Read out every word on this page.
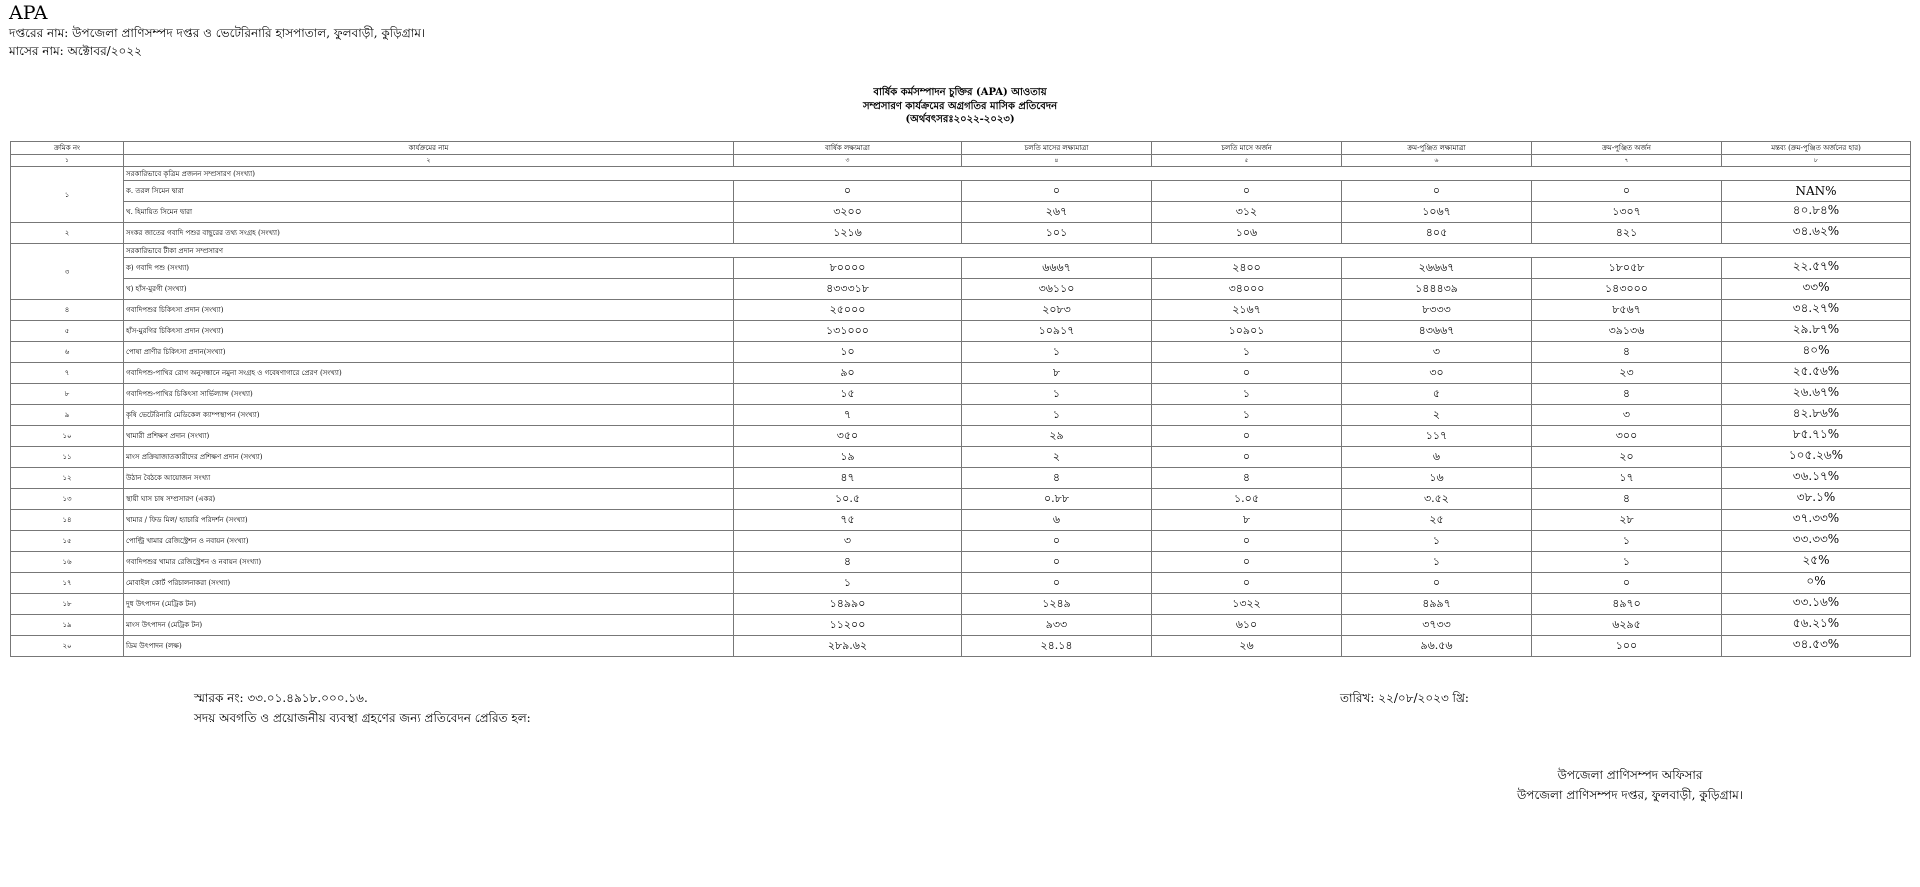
APA
দপ্তরের নাম: উপজেলা প্রাণিসম্পদ দপ্তর ও ভেটেরিনারি হাসপাতাল, ফুলবাড়ী, কুড়িগ্রাম।
মাসের নাম: অক্টোবর/২০২২
বার্ষিক কর্মসম্পাদন চুক্তির (APA) আওতায়
সম্প্রসারণ কার্যক্রমের অগ্রগতির মাসিক প্রতিবেদন
(অর্থবৎসরঃ২০২২-২০২৩)
ক্রমিক নং	কার্যক্রমের নাম	বার্ষিক লক্ষ্যমাত্রা	চলতি মাসের লক্ষ্যমাত্রা	চলতি মাসে অর্জন	ক্রম-পুঞ্জিত লক্ষ্যমাত্রা	ক্রম-পুঞ্জিত অর্জন	মন্তব্য (ক্রম-পুঞ্জিত অর্জনের হার)
১	২	৩	৪	৫	৬	৭	৮
১	সরকারিভাবে কৃত্রিম প্রজনন সম্প্রসারণ (সংখ্যা)						
	ক. তরল সিমেন দ্বারা	০	০	০	০	০	NAN%
	খ. হিমায়িত সিমেন দ্বারা	৩২০০	২৬৭	৩১২	১০৬৭	১৩০৭	৪০.৮৪%
২	সংকর জাতের গবাদি পশুর বাছুরের তথ্য সংগ্রহ (সংখ্যা)	১২১৬	১০১	১০৬	৪০৫	৪২১	৩৪.৬২%
৩	সরকারিভাবে টীকা প্রদান সম্প্রসারণ						
	ক) গবাদি পশু (সংখ্যা)	৮০০০০	৬৬৬৭	২৪০০	২৬৬৬৭	১৮০৫৮	২২.৫৭%
	খ) হাঁস-মুরগী (সংখ্যা)	৪৩৩৩১৮	৩৬১১০	৩৪০০০	১৪৪৪৩৯	১৪৩০০০	৩৩%
৪	গবাদিপশুর চিকিৎসা প্রদান (সংখ্যা)	২৫০০০	২০৮৩	২১৬৭	৮৩৩৩	৮৫৬৭	৩৪.২৭%
৫	হাঁস-মুরগির চিকিৎসা প্রদান (সংখ্যা)	১৩১০০০	১০৯১৭	১০৯০১	৪৩৬৬৭	৩৯১৩৬	২৯.৮৭%
৬	পোষা প্রাণীর চিকিৎসা প্রদান(সংখ্যা)	১০	১	১	৩	৪	৪০%
৭	গবাদিপশু-পাখির রোগ অনুসন্ধানে নমুনা সংগ্রহ ও গবেষণাগারে প্রেরণ (সংখ্যা)	৯০	৮	০	৩০	২৩	২৫.৫৬%
৮	গবাদিপশু-পাখির চিকিৎসা সার্ভিল্যান্স (সংখ্যা)	১৫	১	১	৫	৪	২৬.৬৭%
৯	কৃষি ভেটেরিনারি মেডিকেল ক্যাম্পস্থাপন (সংখ্যা)	৭	১	১	২	৩	৪২.৮৬%
১০	খামারী প্রশিক্ষণ প্রদান (সংখ্যা)	৩৫০	২৯	০	১১৭	৩০০	৮৫.৭১%
১১	মাংস প্রক্রিয়াজাতকারীদের প্রশিক্ষণ প্রদান (সংখ্যা)	১৯	২	০	৬	২০	১০৫.২৬%
১২	উঠান বৈঠকে আয়োজন সংখ্যা	৪৭	৪	৪	১৬	১৭	৩৬.১৭%
১৩	স্থায়ী ঘাস চাষ সম্প্রসারণ (একর)	১০.৫	০.৮৮	১.০৫	৩.৫২	৪	৩৮.১%
১৪	খামার / ফিড মিল/ হ্যাচারি পরিদর্শন (সংখ্যা)	৭৫	৬	৮	২৫	২৮	৩৭.৩৩%
১৫	পোল্ট্রি খামার রেজিস্ট্রেশন ও নবায়ন (সংখ্যা)	৩	০	০	১	১	৩৩.৩৩%
১৬	গবাদিপশুর খামার রেজিস্ট্রেশন ও নবায়ন (সংখ্যা)	৪	০	০	১	১	২৫%
১৭	মোবাইল কোর্ট পরিচালনাকরা (সংখ্যা)	১	০	০	০	০	০%
১৮	দুধ উৎপাদন (মেট্রিক টন)	১৪৯৯০	১২৪৯	১৩২২	৪৯৯৭	৪৯৭০	৩৩.১৬%
১৯	মাংস উৎপাদন (মেট্রিক টন)	১১২০০	৯৩৩	৬১০	৩৭৩৩	৬২৯৫	৫৬.২১%
২০	ডিম উৎপাদন (লক্ষ)	২৮৯.৬২	২৪.১৪	২৬	৯৬.৫৬	১০০	৩৪.৫৩%
স্মারক নং: ৩৩.০১.৪৯১৮.০০০.১৬.
সদয় অবগতি ও প্রয়োজনীয় ব্যবস্থা গ্রহণের জন্য প্রতিবেদন প্রেরিত হল:
তারিখ: ২২/০৮/২০২৩ খ্রি:
উপজেলা প্রাণিসম্পদ অফিসার
উপজেলা প্রাণিসম্পদ দপ্তর, ফুলবাড়ী, কুড়িগ্রাম।
